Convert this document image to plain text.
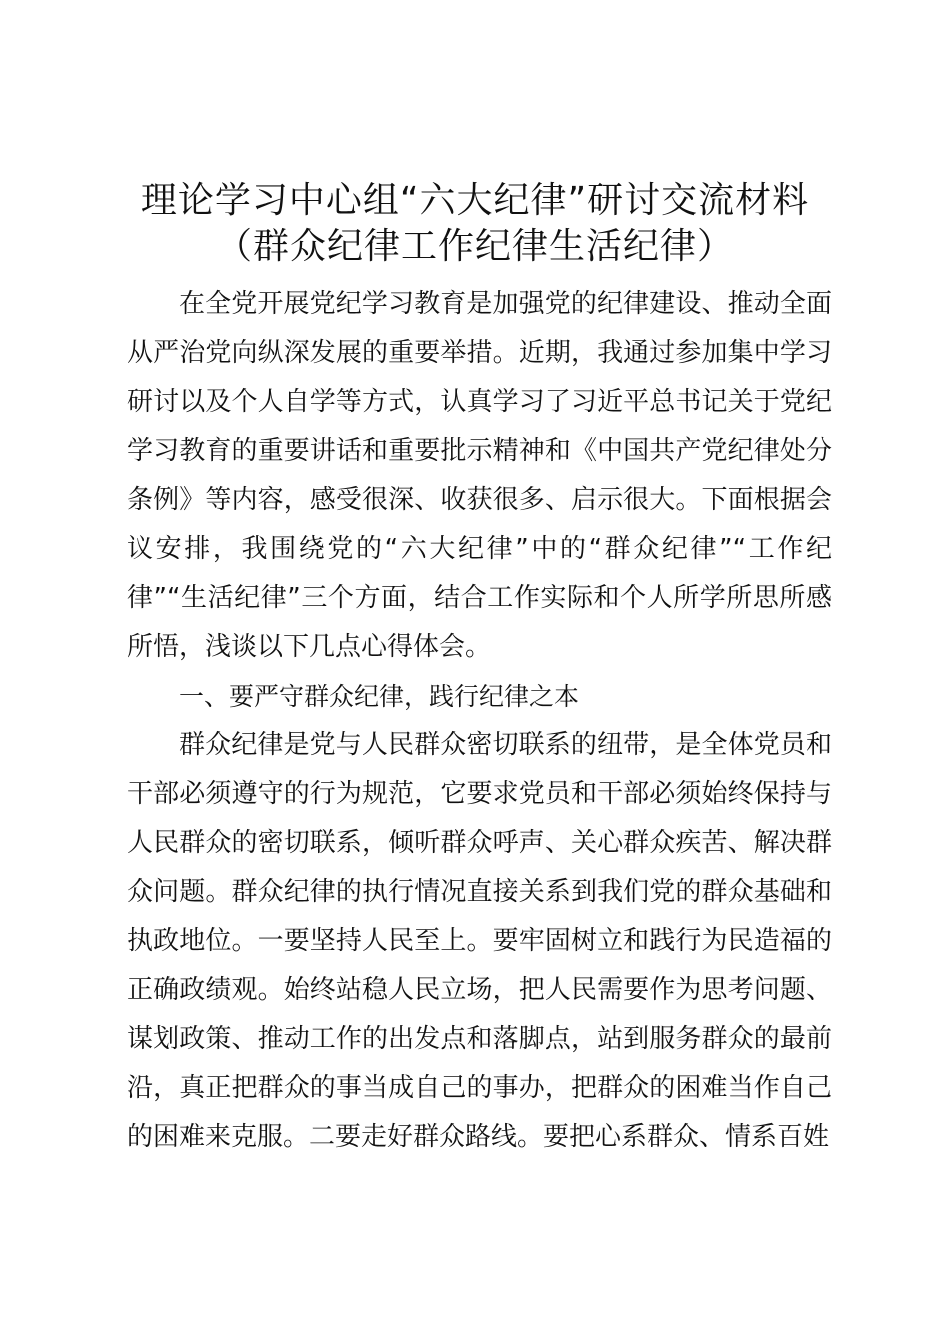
理论学习中心组“六大纪律”研讨交流材料
（群众纪律工作纪律生活纪律）

在全党开展党纪学习教育是加强党的纪律建设、推动全面从严治党向纵深发展的重要举措。近期，我通过参加集中学习研讨以及个人自学等方式，认真学习了习近平总书记关于党纪学习教育的重要讲话和重要批示精神和《中国共产党纪律处分条例》等内容，感受很深、收获很多、启示很大。下面根据会议安排，我围绕党的“六大纪律”中的“群众纪律”“工作纪律”“生活纪律”三个方面，结合工作实际和个人所学所思所感所悟，浅谈以下几点心得体会。

一、要严守群众纪律，践行纪律之本

群众纪律是党与人民群众密切联系的纽带，是全体党员和干部必须遵守的行为规范，它要求党员和干部必须始终保持与人民群众的密切联系，倾听群众呼声、关心群众疾苦、解决群众问题。群众纪律的执行情况直接关系到我们党的群众基础和执政地位。一要坚持人民至上。要牢固树立和践行为民造福的正确政绩观。始终站稳人民立场，把人民需要作为思考问题、谋划政策、推动工作的出发点和落脚点，站到服务群众的最前沿，真正把群众的事当成自己的事办，把群众的困难当作自己的困难来克服。二要走好群众路线。要把心系群众、情系百姓
